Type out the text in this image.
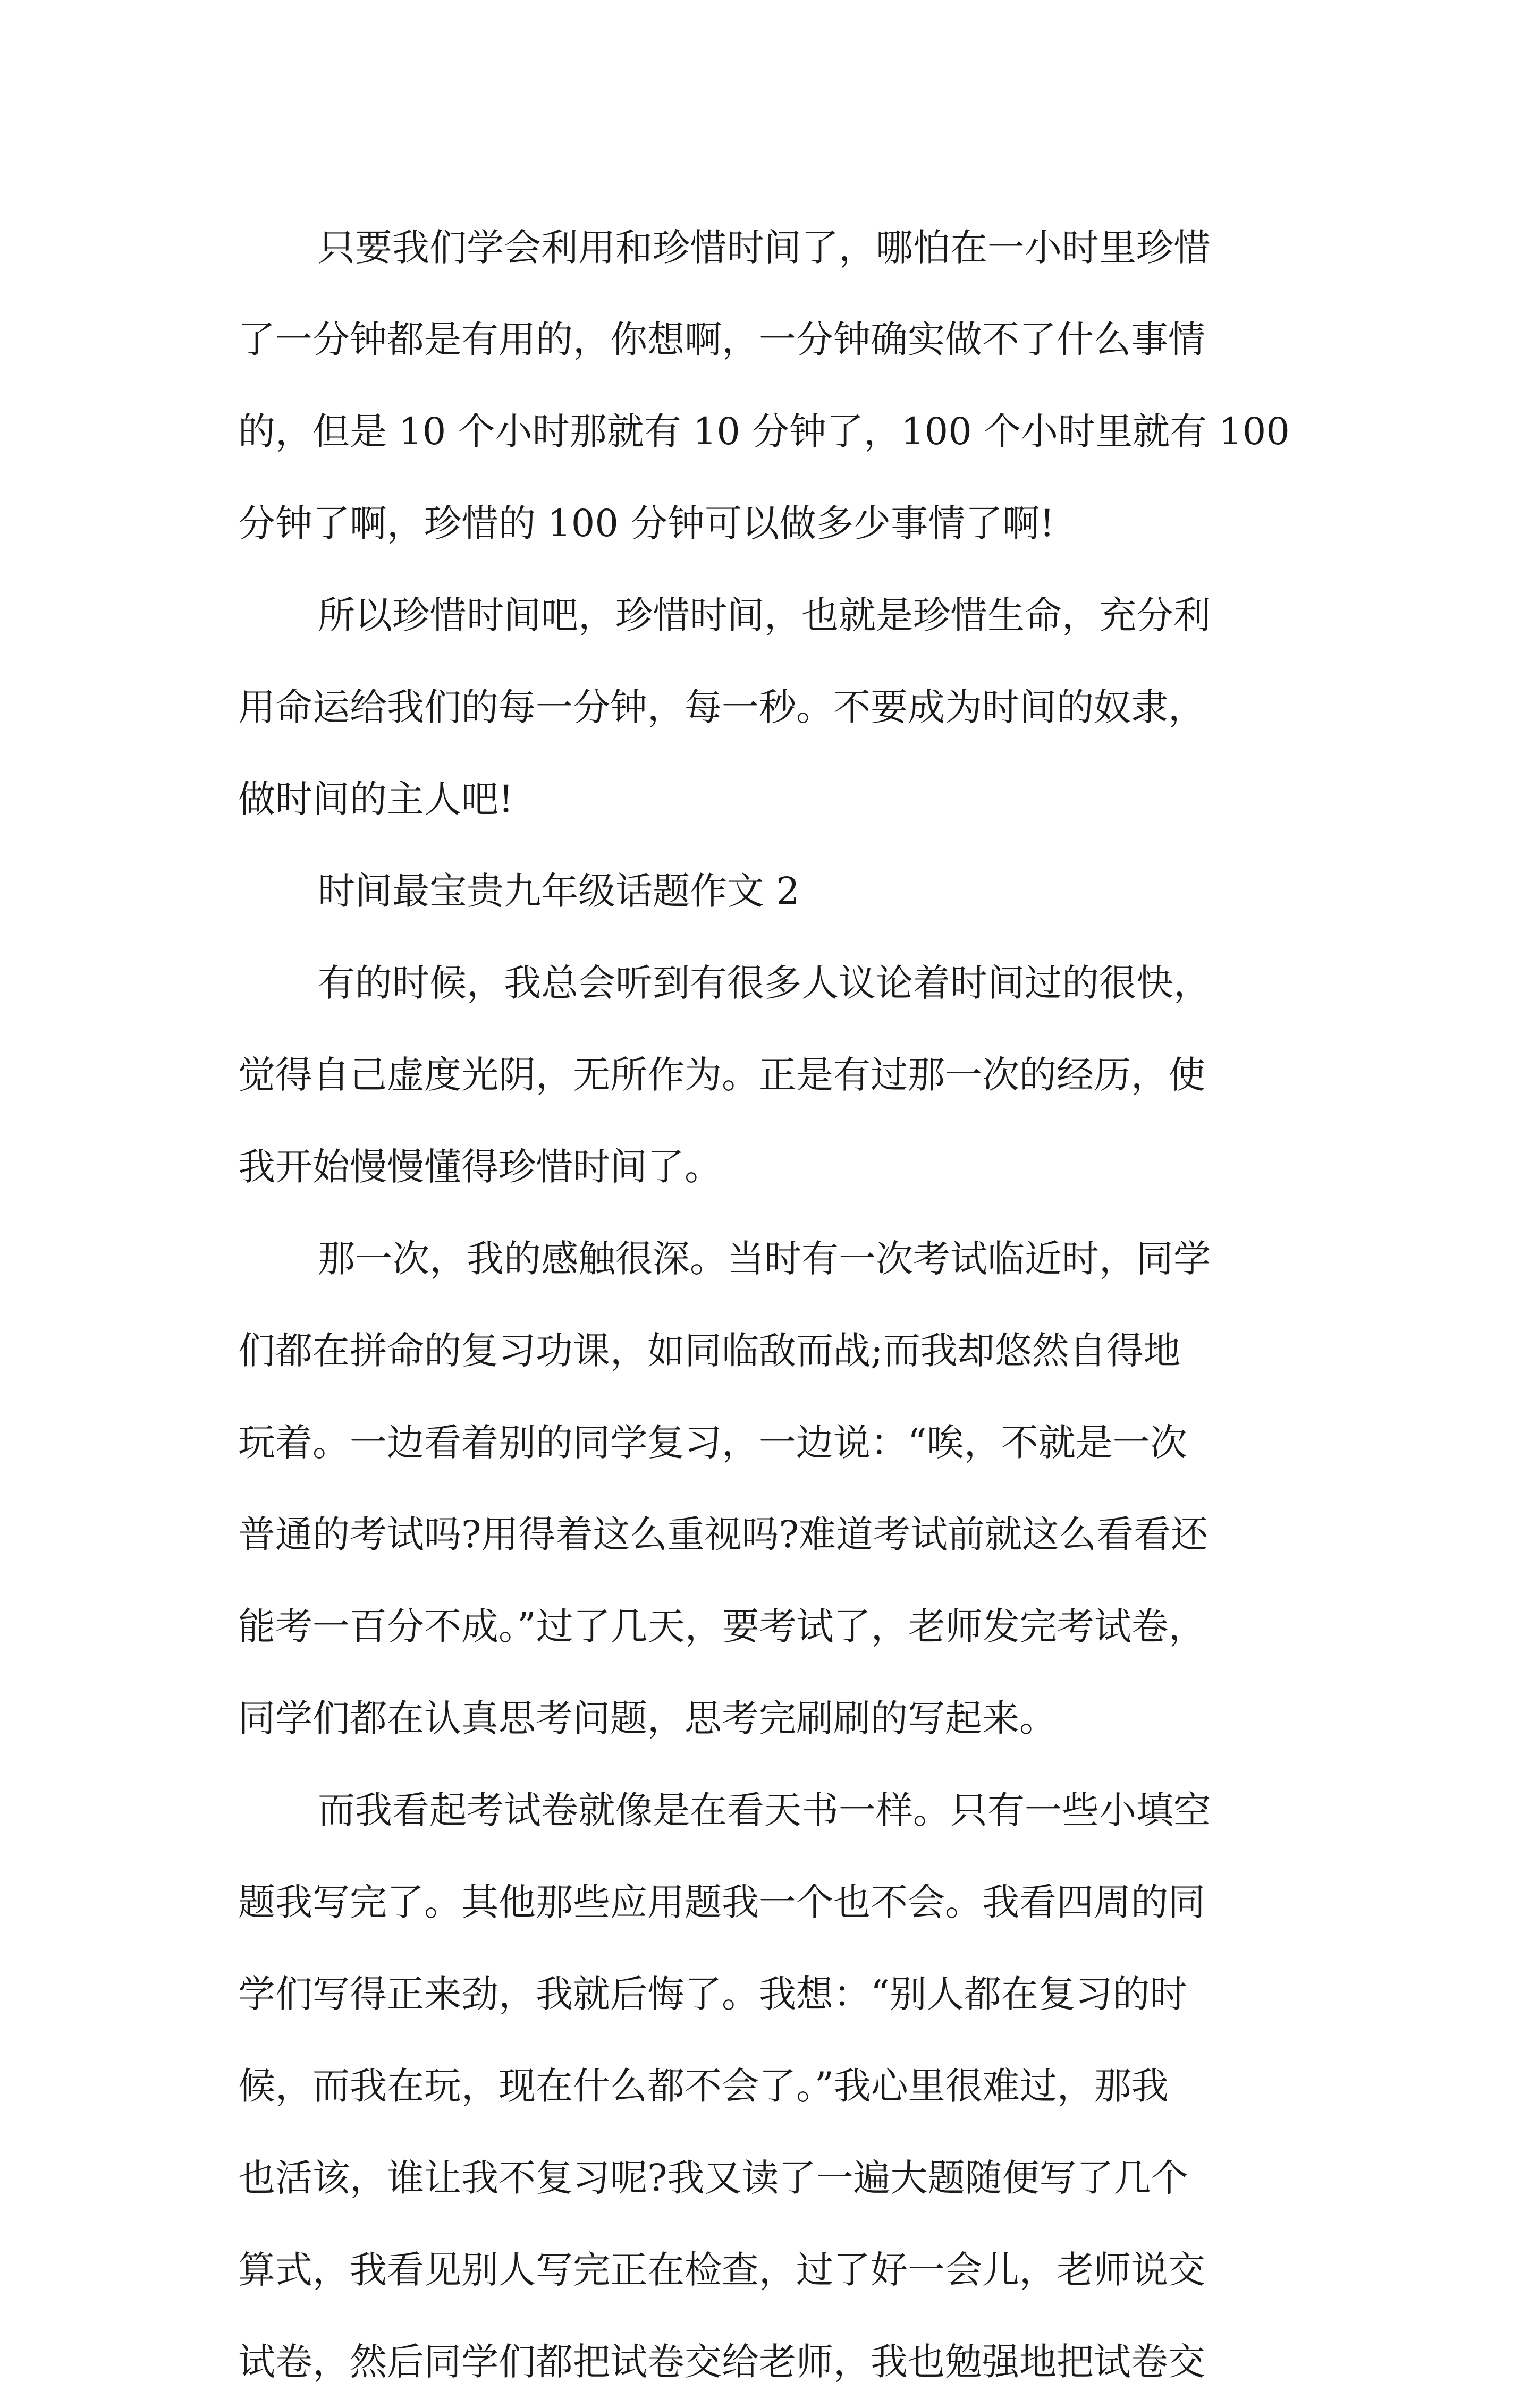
只要我们学会利用和珍惜时间了，哪怕在一小时里珍惜
了一分钟都是有用的，你想啊，一分钟确实做不了什么事情
的，但是 10 个小时那就有 10 分钟了，100 个小时里就有 100
分钟了啊，珍惜的 100 分钟可以做多少事情了啊!
所以珍惜时间吧，珍惜时间，也就是珍惜生命，充分利
用命运给我们的每一分钟，每一秒。不要成为时间的奴隶，
做时间的主人吧!
时间最宝贵九年级话题作文 2
有的时候，我总会听到有很多人议论着时间过的很快，
觉得自己虚度光阴，无所作为。正是有过那一次的经历，使
我开始慢慢懂得珍惜时间了。
那一次，我的感触很深。当时有一次考试临近时，同学
们都在拼命的复习功课，如同临敌而战;而我却悠然自得地
玩着。一边看着别的同学复习，一边说：“唉，不就是一次
普通的考试吗?用得着这么重视吗?难道考试前就这么看看还
能考一百分不成。”过了几天，要考试了，老师发完考试卷，
同学们都在认真思考问题，思考完刷刷的写起来。
而我看起考试卷就像是在看天书一样。只有一些小填空
题我写完了。其他那些应用题我一个也不会。我看四周的同
学们写得正来劲，我就后悔了。我想：“别人都在复习的时
候，而我在玩，现在什么都不会了。”我心里很难过，那我
也活该，谁让我不复习呢?我又读了一遍大题随便写了几个
算式，我看见别人写完正在检查，过了好一会儿，老师说交
试卷，然后同学们都把试卷交给老师，我也勉强地把试卷交
